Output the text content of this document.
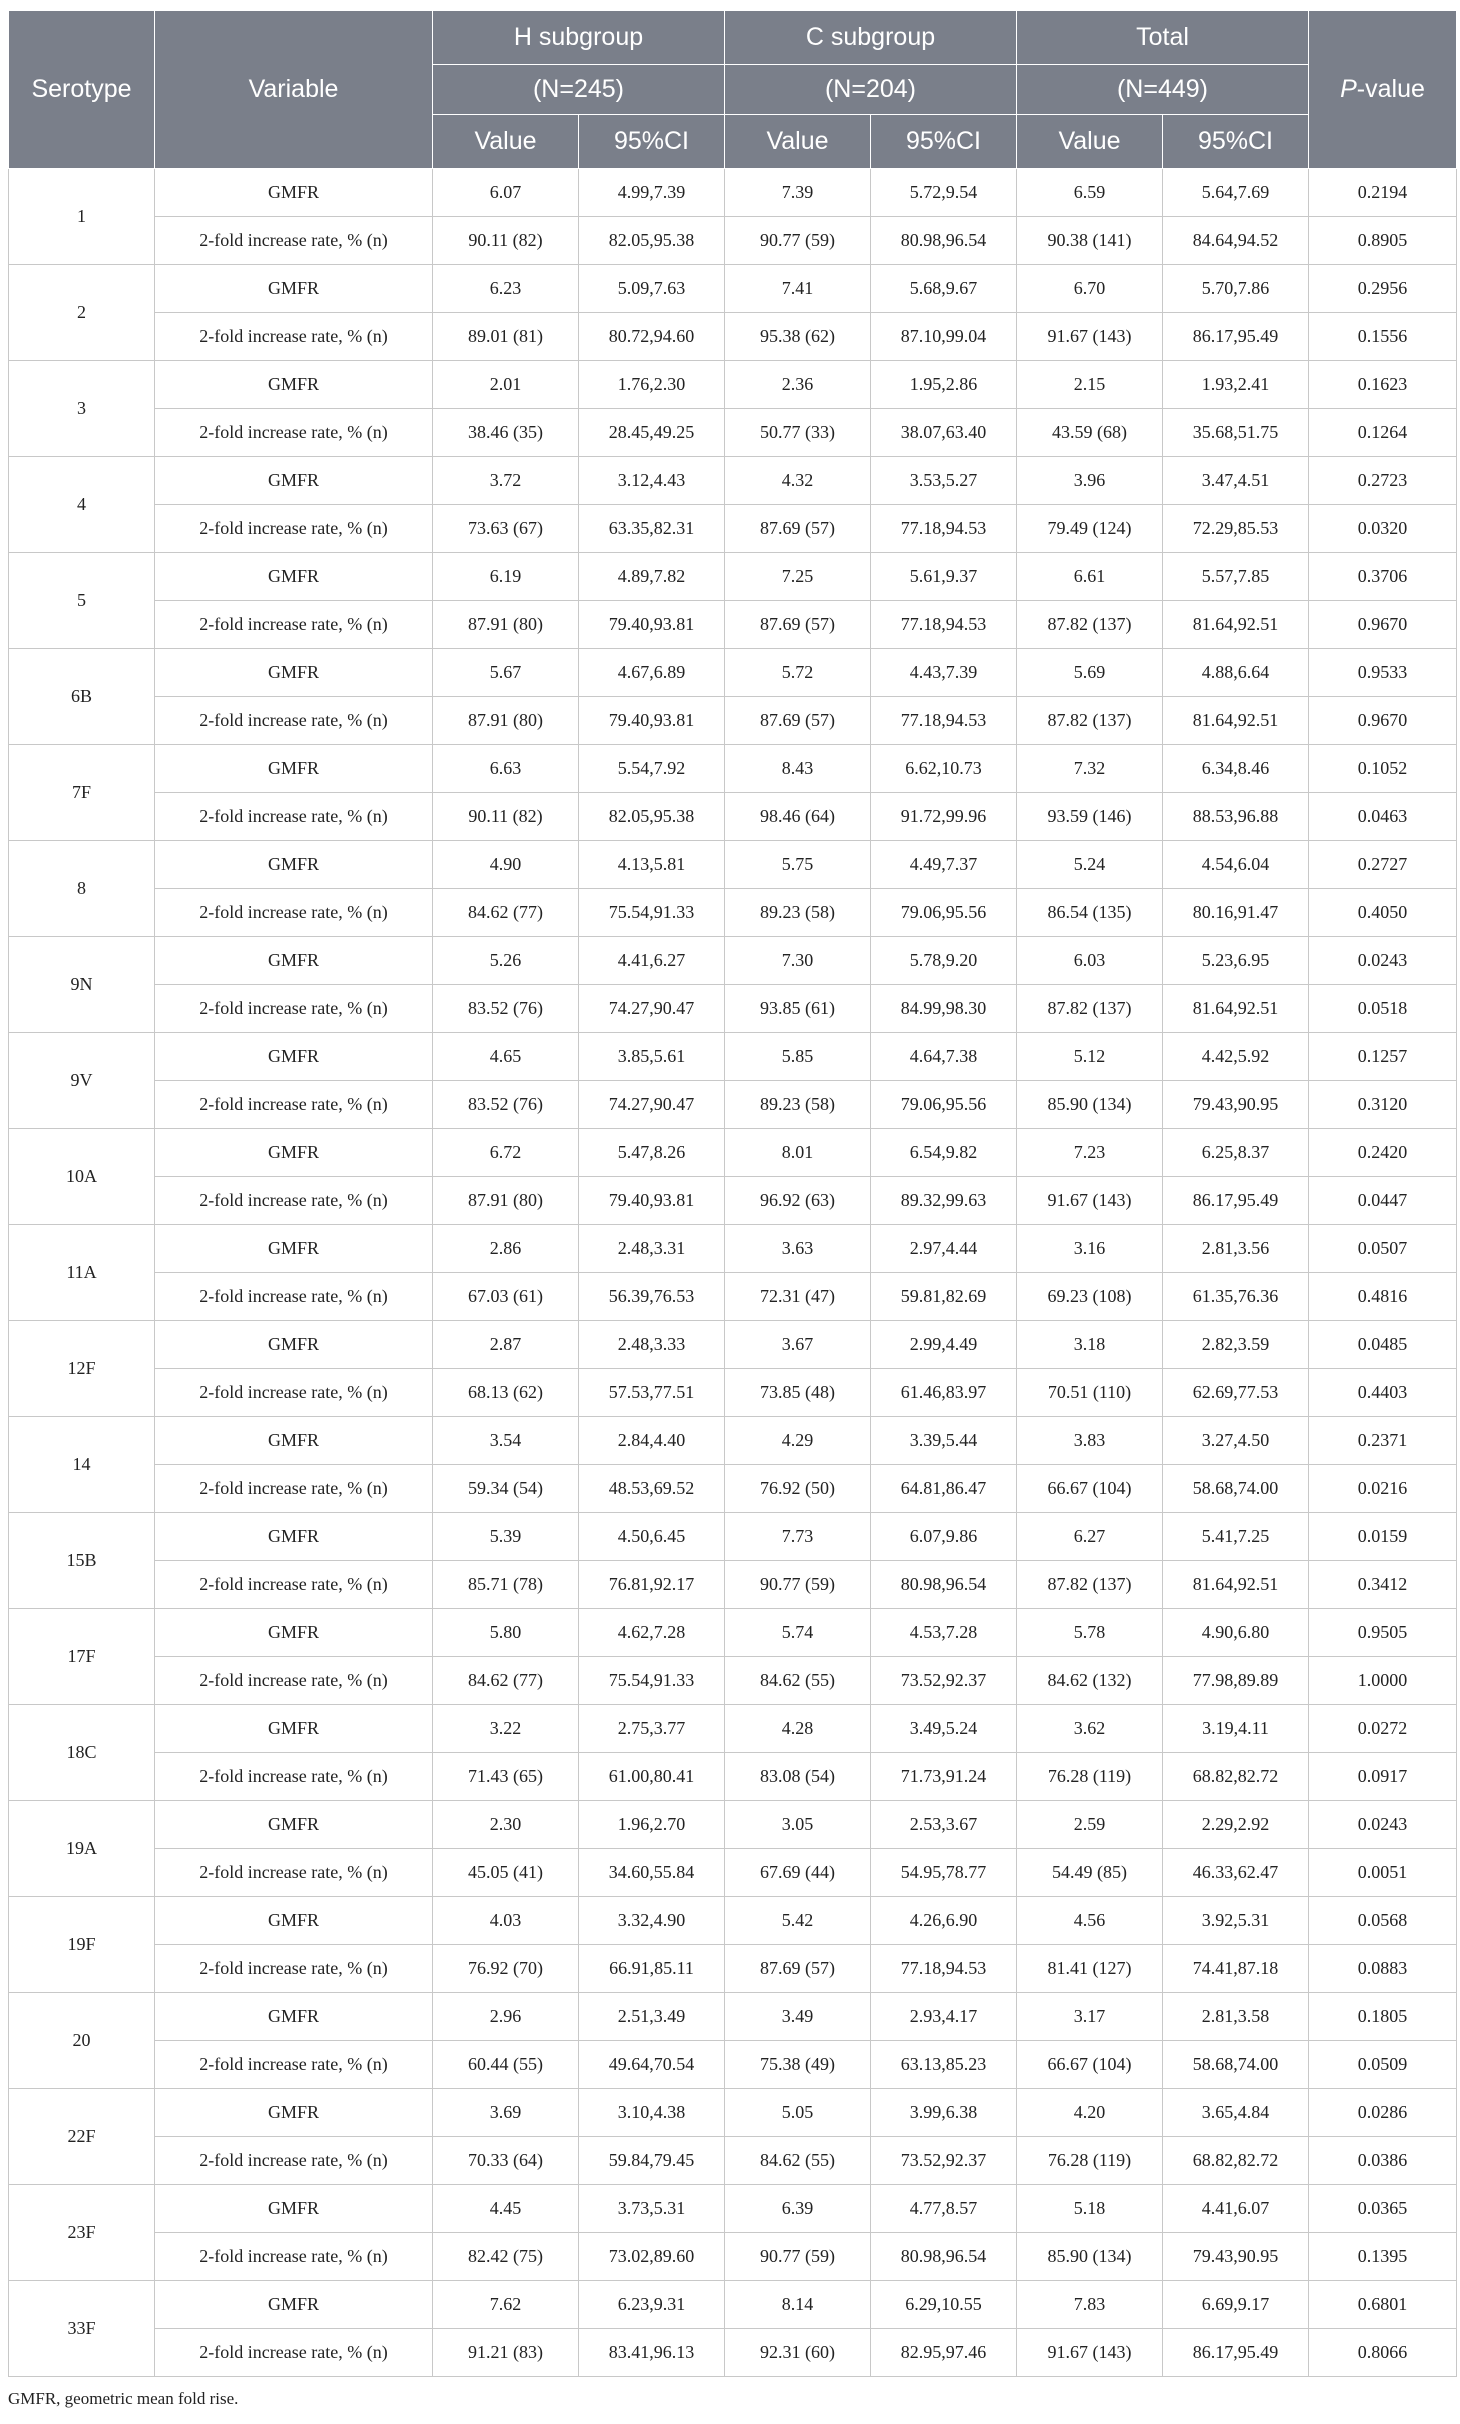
Serotype	Variable	H subgroup		C subgroup		Total		P-value
		(N=245)		(N=204)		(N=449)		
		Value	95%CI	Value	95%CI	Value	95%CI	
1	GMFR	6.07	4.99,7.39	7.39	5.72,9.54	6.59	5.64,7.69	0.2194
	2-fold increase rate, % (n)	90.11 (82)	82.05,95.38	90.77 (59)	80.98,96.54	90.38 (141)	84.64,94.52	0.8905
2	GMFR	6.23	5.09,7.63	7.41	5.68,9.67	6.70	5.70,7.86	0.2956
	2-fold increase rate, % (n)	89.01 (81)	80.72,94.60	95.38 (62)	87.10,99.04	91.67 (143)	86.17,95.49	0.1556
3	GMFR	2.01	1.76,2.30	2.36	1.95,2.86	2.15	1.93,2.41	0.1623
	2-fold increase rate, % (n)	38.46 (35)	28.45,49.25	50.77 (33)	38.07,63.40	43.59 (68)	35.68,51.75	0.1264
4	GMFR	3.72	3.12,4.43	4.32	3.53,5.27	3.96	3.47,4.51	0.2723
	2-fold increase rate, % (n)	73.63 (67)	63.35,82.31	87.69 (57)	77.18,94.53	79.49 (124)	72.29,85.53	0.0320
5	GMFR	6.19	4.89,7.82	7.25	5.61,9.37	6.61	5.57,7.85	0.3706
	2-fold increase rate, % (n)	87.91 (80)	79.40,93.81	87.69 (57)	77.18,94.53	87.82 (137)	81.64,92.51	0.9670
6B	GMFR	5.67	4.67,6.89	5.72	4.43,7.39	5.69	4.88,6.64	0.9533
	2-fold increase rate, % (n)	87.91 (80)	79.40,93.81	87.69 (57)	77.18,94.53	87.82 (137)	81.64,92.51	0.9670
7F	GMFR	6.63	5.54,7.92	8.43	6.62,10.73	7.32	6.34,8.46	0.1052
	2-fold increase rate, % (n)	90.11 (82)	82.05,95.38	98.46 (64)	91.72,99.96	93.59 (146)	88.53,96.88	0.0463
8	GMFR	4.90	4.13,5.81	5.75	4.49,7.37	5.24	4.54,6.04	0.2727
	2-fold increase rate, % (n)	84.62 (77)	75.54,91.33	89.23 (58)	79.06,95.56	86.54 (135)	80.16,91.47	0.4050
9N	GMFR	5.26	4.41,6.27	7.30	5.78,9.20	6.03	5.23,6.95	0.0243
	2-fold increase rate, % (n)	83.52 (76)	74.27,90.47	93.85 (61)	84.99,98.30	87.82 (137)	81.64,92.51	0.0518
9V	GMFR	4.65	3.85,5.61	5.85	4.64,7.38	5.12	4.42,5.92	0.1257
	2-fold increase rate, % (n)	83.52 (76)	74.27,90.47	89.23 (58)	79.06,95.56	85.90 (134)	79.43,90.95	0.3120
10A	GMFR	6.72	5.47,8.26	8.01	6.54,9.82	7.23	6.25,8.37	0.2420
	2-fold increase rate, % (n)	87.91 (80)	79.40,93.81	96.92 (63)	89.32,99.63	91.67 (143)	86.17,95.49	0.0447
11A	GMFR	2.86	2.48,3.31	3.63	2.97,4.44	3.16	2.81,3.56	0.0507
	2-fold increase rate, % (n)	67.03 (61)	56.39,76.53	72.31 (47)	59.81,82.69	69.23 (108)	61.35,76.36	0.4816
12F	GMFR	2.87	2.48,3.33	3.67	2.99,4.49	3.18	2.82,3.59	0.0485
	2-fold increase rate, % (n)	68.13 (62)	57.53,77.51	73.85 (48)	61.46,83.97	70.51 (110)	62.69,77.53	0.4403
14	GMFR	3.54	2.84,4.40	4.29	3.39,5.44	3.83	3.27,4.50	0.2371
	2-fold increase rate, % (n)	59.34 (54)	48.53,69.52	76.92 (50)	64.81,86.47	66.67 (104)	58.68,74.00	0.0216
15B	GMFR	5.39	4.50,6.45	7.73	6.07,9.86	6.27	5.41,7.25	0.0159
	2-fold increase rate, % (n)	85.71 (78)	76.81,92.17	90.77 (59)	80.98,96.54	87.82 (137)	81.64,92.51	0.3412
17F	GMFR	5.80	4.62,7.28	5.74	4.53,7.28	5.78	4.90,6.80	0.9505
	2-fold increase rate, % (n)	84.62 (77)	75.54,91.33	84.62 (55)	73.52,92.37	84.62 (132)	77.98,89.89	1.0000
18C	GMFR	3.22	2.75,3.77	4.28	3.49,5.24	3.62	3.19,4.11	0.0272
	2-fold increase rate, % (n)	71.43 (65)	61.00,80.41	83.08 (54)	71.73,91.24	76.28 (119)	68.82,82.72	0.0917
19A	GMFR	2.30	1.96,2.70	3.05	2.53,3.67	2.59	2.29,2.92	0.0243
	2-fold increase rate, % (n)	45.05 (41)	34.60,55.84	67.69 (44)	54.95,78.77	54.49 (85)	46.33,62.47	0.0051
19F	GMFR	4.03	3.32,4.90	5.42	4.26,6.90	4.56	3.92,5.31	0.0568
	2-fold increase rate, % (n)	76.92 (70)	66.91,85.11	87.69 (57)	77.18,94.53	81.41 (127)	74.41,87.18	0.0883
20	GMFR	2.96	2.51,3.49	3.49	2.93,4.17	3.17	2.81,3.58	0.1805
	2-fold increase rate, % (n)	60.44 (55)	49.64,70.54	75.38 (49)	63.13,85.23	66.67 (104)	58.68,74.00	0.0509
22F	GMFR	3.69	3.10,4.38	5.05	3.99,6.38	4.20	3.65,4.84	0.0286
	2-fold increase rate, % (n)	70.33 (64)	59.84,79.45	84.62 (55)	73.52,92.37	76.28 (119)	68.82,82.72	0.0386
23F	GMFR	4.45	3.73,5.31	6.39	4.77,8.57	5.18	4.41,6.07	0.0365
	2-fold increase rate, % (n)	82.42 (75)	73.02,89.60	90.77 (59)	80.98,96.54	85.90 (134)	79.43,90.95	0.1395
33F	GMFR	7.62	6.23,9.31	8.14	6.29,10.55	7.83	6.69,9.17	0.6801
	2-fold increase rate, % (n)	91.21 (83)	83.41,96.13	92.31 (60)	82.95,97.46	91.67 (143)	86.17,95.49	0.8066
GMFR, geometric mean fold rise.
